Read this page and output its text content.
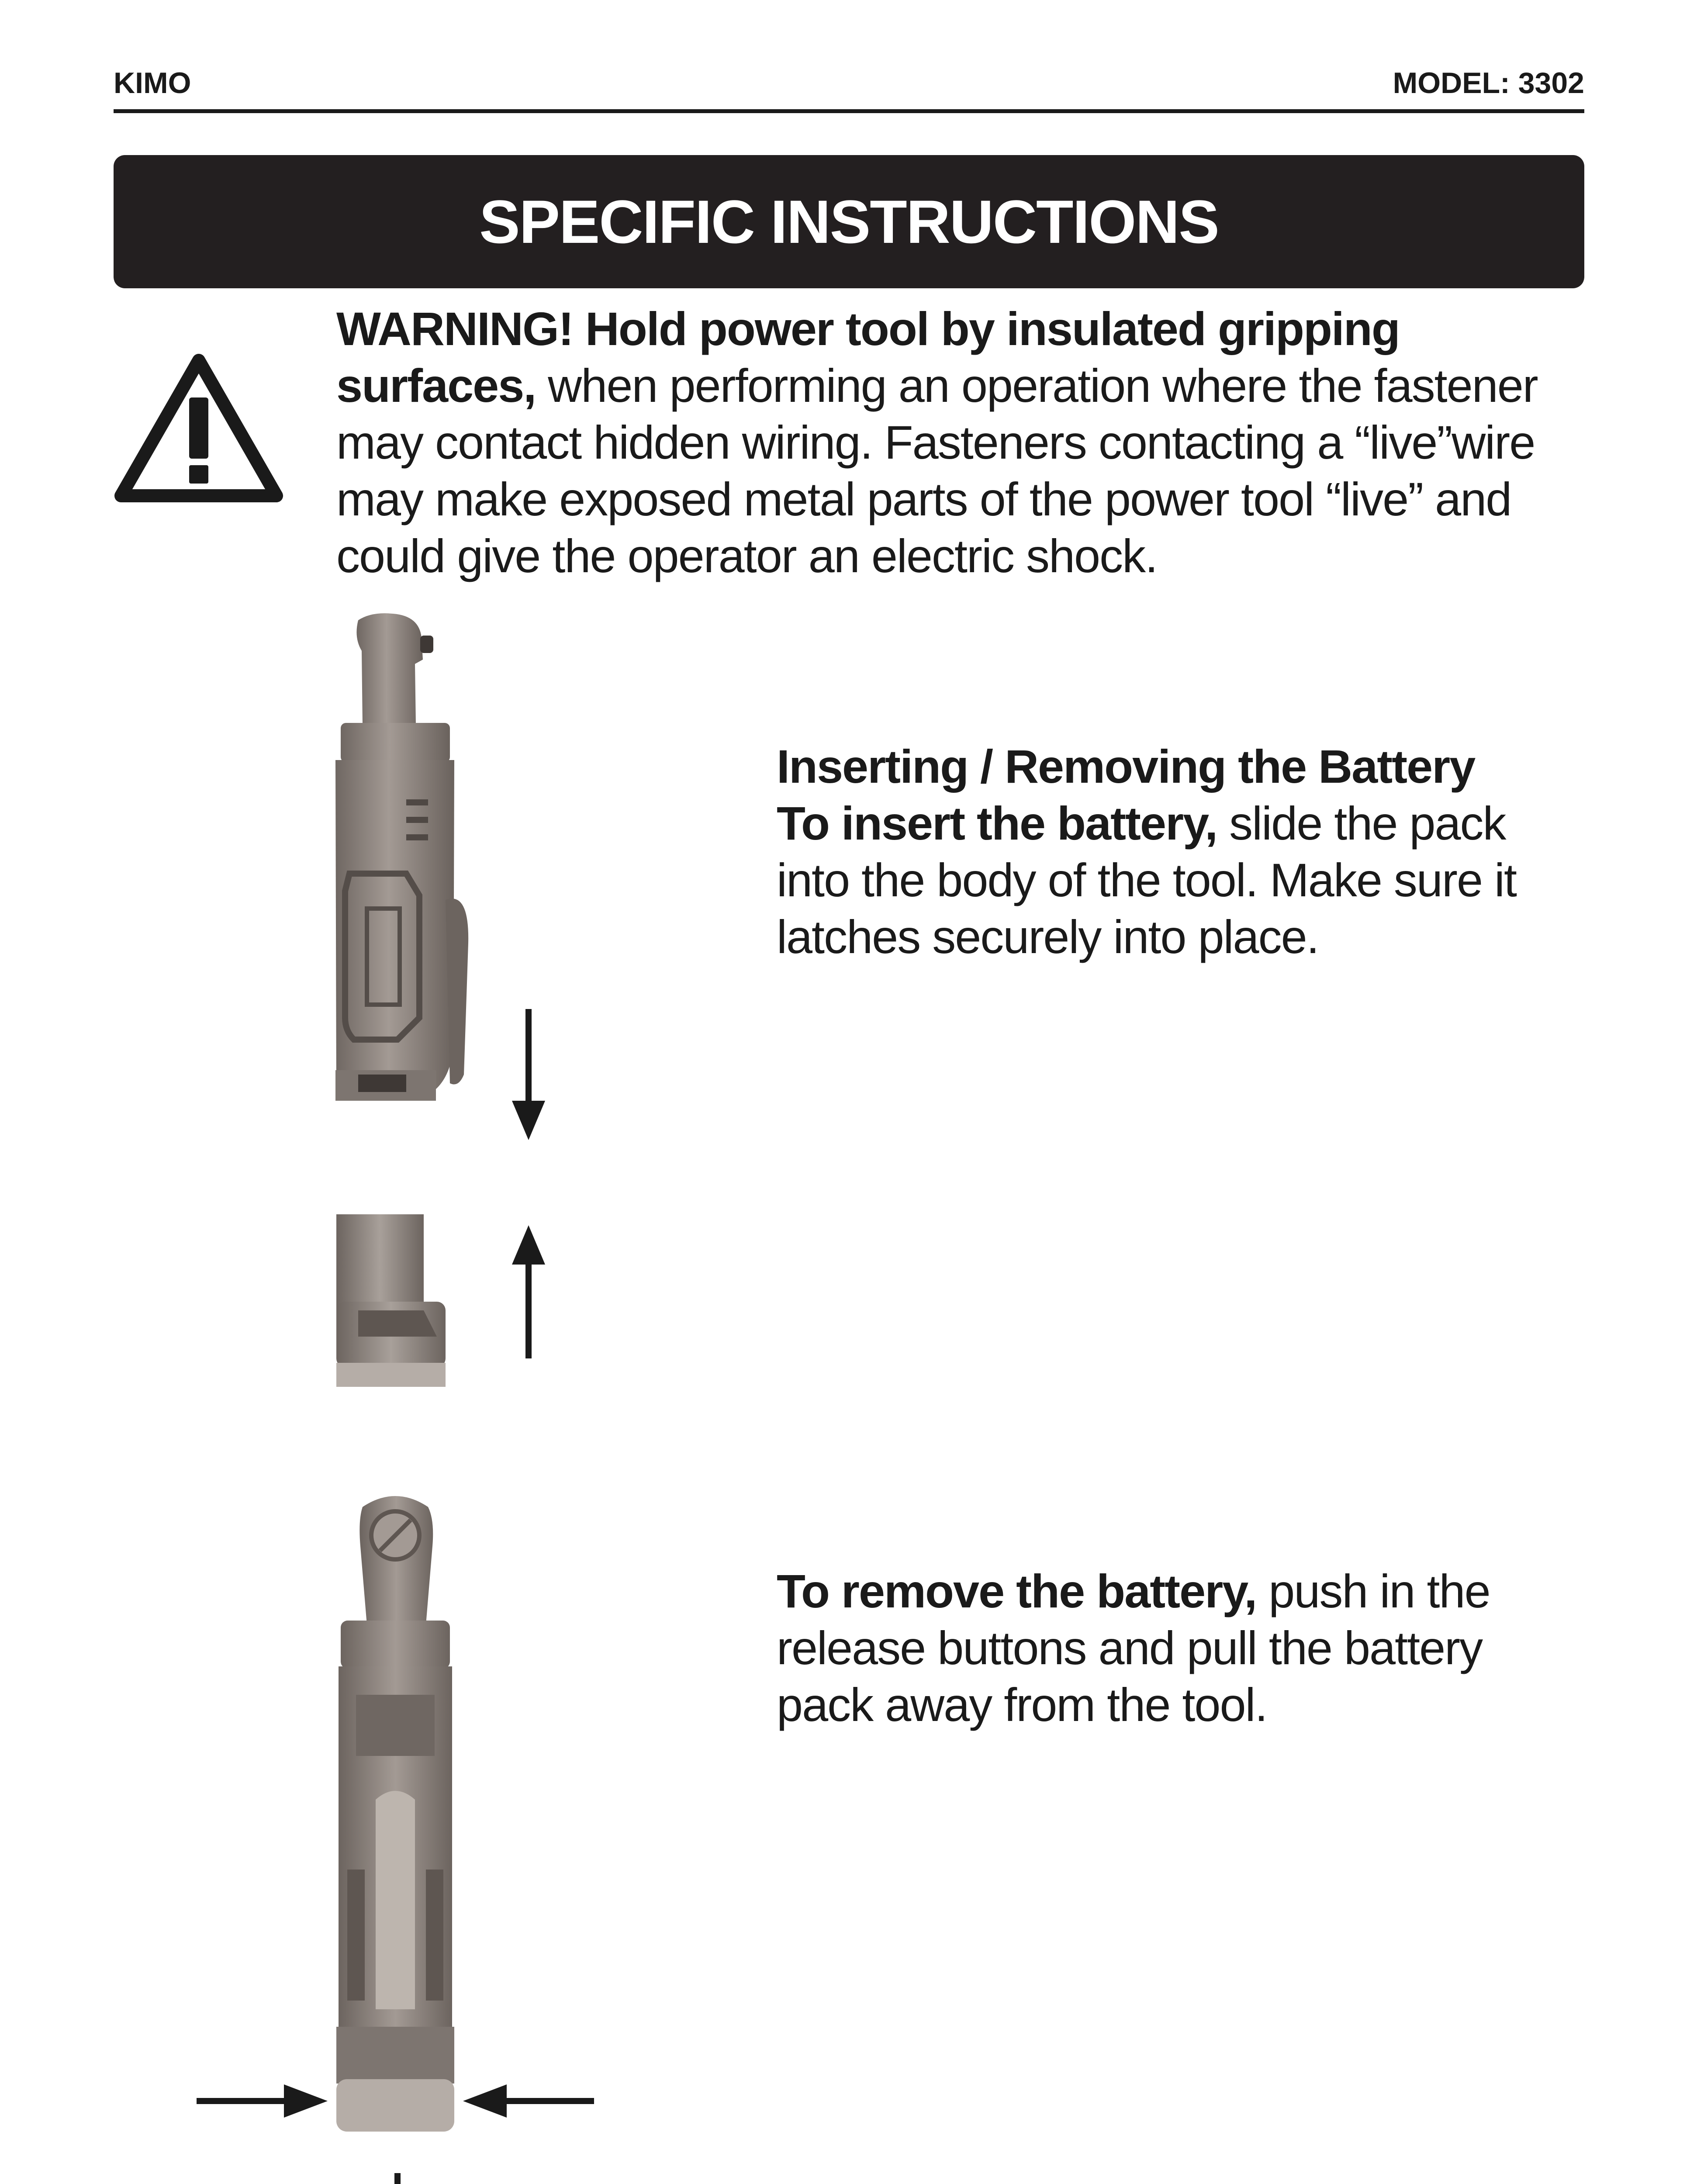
KIMO	MODEL: 3302
SPECIFIC INSTRUCTIONS
WARNING! Hold power tool by insulated gripping surfaces, when performing an operation where the fastener may contact hidden wiring. Fasteners contacting a “live”wire may make exposed metal parts of the power tool “live” and could give the operator an electric shock.
Inserting / Removing the Battery
To insert the battery, slide the pack into the body of the tool. Make sure it latches securely into place.
To remove the battery, push in the release buttons and pull the battery pack away from the tool.
